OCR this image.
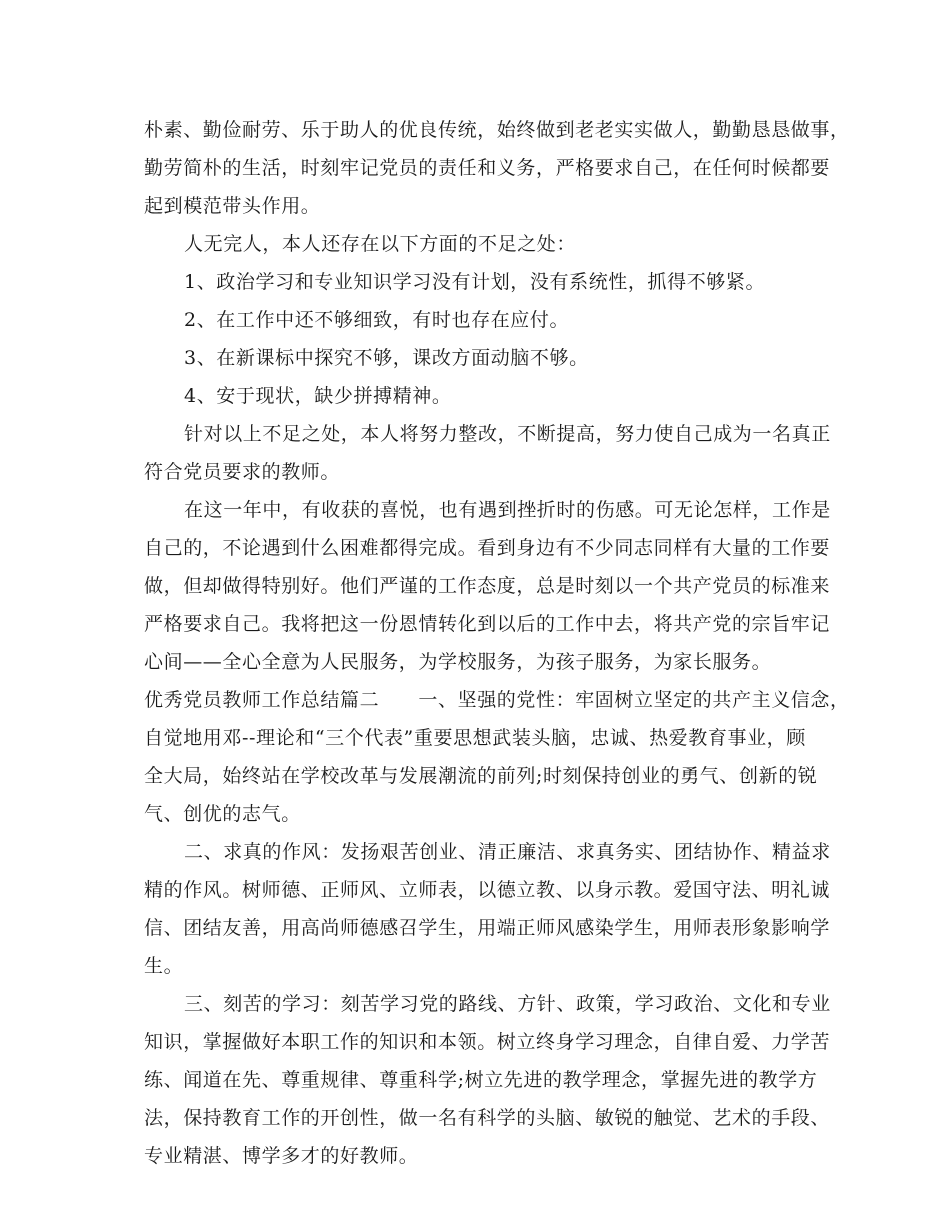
朴素、勤俭耐劳、乐于助人的优良传统，始终做到老老实实做人，勤勤恳恳做事，
勤劳简朴的生活，时刻牢记党员的责任和义务，严格要求自己，在任何时候都要
起到模范带头作用。
人无完人，本人还存在以下方面的不足之处：
1、政治学习和专业知识学习没有计划，没有系统性，抓得不够紧。
2、在工作中还不够细致，有时也存在应付。
3、在新课标中探究不够，课改方面动脑不够。
4、安于现状，缺少拼搏精神。
针对以上不足之处，本人将努力整改，不断提高，努力使自己成为一名真正
符合党员要求的教师。
在这一年中，有收获的喜悦，也有遇到挫折时的伤感。可无论怎样，工作是
自己的，不论遇到什么困难都得完成。看到身边有不少同志同样有大量的工作要
做，但却做得特别好。他们严谨的工作态度，总是时刻以一个共产党员的标准来
严格要求自己。我将把这一份恩情转化到以后的工作中去，将共产党的宗旨牢记
心间——全心全意为人民服务，为学校服务，为孩子服务，为家长服务。
优秀党员教师工作总结篇二　　一、坚强的党性：牢固树立坚定的共产主义信念，
自觉地用邓--理论和“三个代表”重要思想武装头脑，忠诚、热爱教育事业，顾
全大局，始终站在学校改革与发展潮流的前列;时刻保持创业的勇气、创新的锐
气、创优的志气。
二、求真的作风：发扬艰苦创业、清正廉洁、求真务实、团结协作、精益求
精的作风。树师德、正师风、立师表，以德立教、以身示教。爱国守法、明礼诚
信、团结友善，用高尚师德感召学生，用端正师风感染学生，用师表形象影响学
生。
三、刻苦的学习：刻苦学习党的路线、方针、政策，学习政治、文化和专业
知识，掌握做好本职工作的知识和本领。树立终身学习理念，自律自爱、力学苦
练、闻道在先、尊重规律、尊重科学;树立先进的教学理念，掌握先进的教学方
法，保持教育工作的开创性，做一名有科学的头脑、敏锐的触觉、艺术的手段、
专业精湛、博学多才的好教师。
